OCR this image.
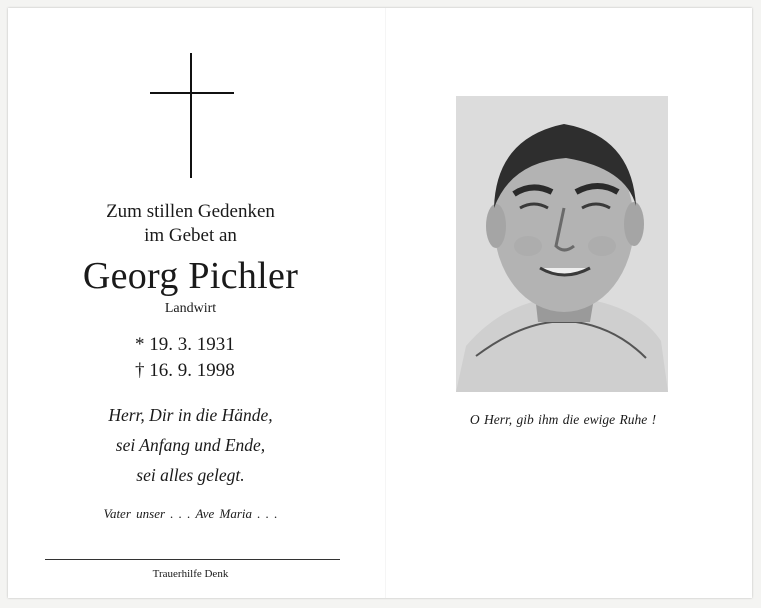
Zum stillen Gedenken
im Gebet an
Georg Pichler
Landwirt
* 19. 3. 1931
† 16. 9. 1998
Herr, Dir in die Hände,
sei Anfang und Ende,
sei alles gelegt.
Vater unser . . . Ave Maria . . .
Trauerhilfe Denk
O Herr, gib ihm die ewige Ruhe !
